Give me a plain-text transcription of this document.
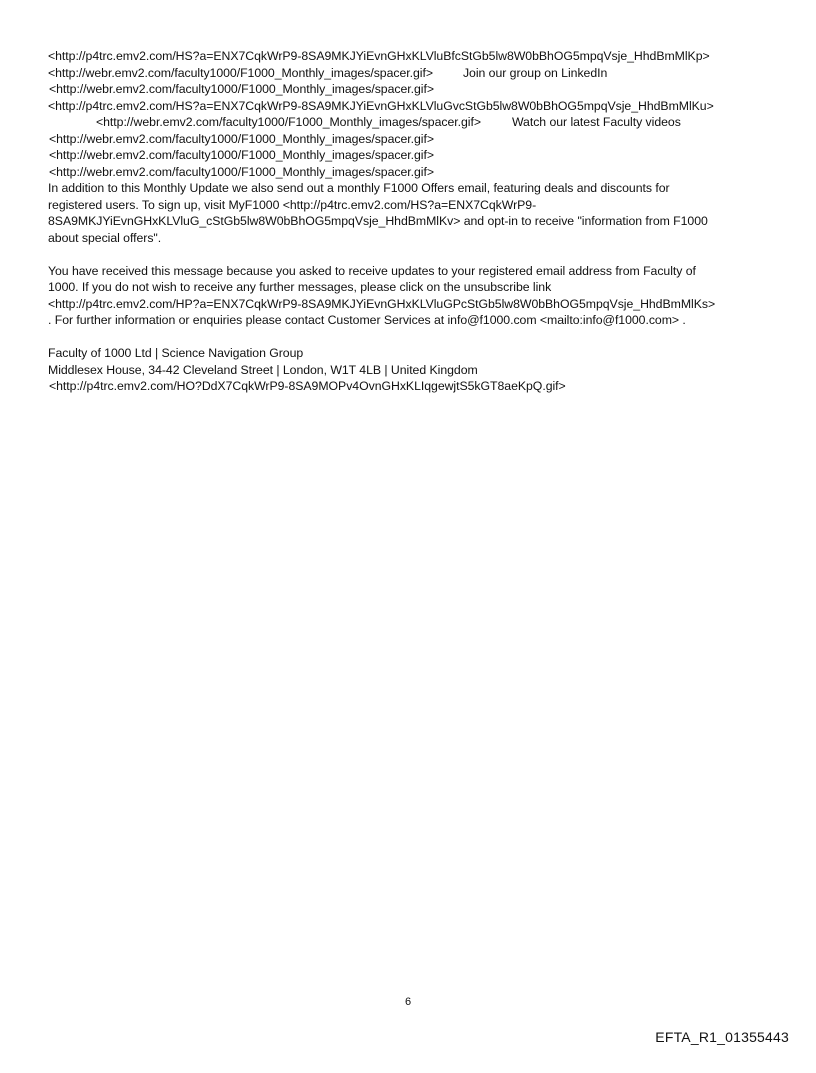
<http://p4trc.emv2.com/HS?a=ENX7CqkWrP9-8SA9MKJYiEvnGHxKLVluBfcStGb5lw8W0bBhOG5mpqVsje_HhdBmMlKp>
<http://webr.emv2.com/faculty1000/F1000_Monthly_images/spacer.gif> Join our group on LinkedIn
<http://webr.emv2.com/faculty1000/F1000_Monthly_images/spacer.gif>
<http://p4trc.emv2.com/HS?a=ENX7CqkWrP9-8SA9MKJYiEvnGHxKLVluGvcStGb5lw8W0bBhOG5mpqVsje_HhdBmMlKu>
<http://webr.emv2.com/faculty1000/F1000_Monthly_images/spacer.gif>	Watch our latest Faculty videos
<http://webr.emv2.com/faculty1000/F1000_Monthly_images/spacer.gif>
<http://webr.emv2.com/faculty1000/F1000_Monthly_images/spacer.gif>
<http://webr.emv2.com/faculty1000/F1000_Monthly_images/spacer.gif>
In addition to this Monthly Update we also send out a monthly F1000 Offers email, featuring deals and discounts for
registered users. To sign up, visit MyF1000 <http://p4trc.emv2.com/HS?a=ENX7CqkWrP9-
8SA9MKJYiEvnGHxKLVluG_cStGb5lw8W0bBhOG5mpqVsje_HhdBmMlKv> and opt-in to receive "information from F1000
about special offers".
You have received this message because you asked to receive updates to your registered email address from Faculty of
1000. If you do not wish to receive any further messages, please click on the unsubscribe link
<http://p4trc.emv2.com/HP?a=ENX7CqkWrP9-8SA9MKJYiEvnGHxKLVluGPcStGb5lw8W0bBhOG5mpqVsje_HhdBmMlKs>
. For further information or enquiries please contact Customer Services at info@f1000.com <mailto:info@f1000.com> .
Faculty of 1000 Ltd | Science Navigation Group
Middlesex House, 34-42 Cleveland Street | London, W1T 4LB | United Kingdom
<http://p4trc.emv2.com/HO?DdX7CqkWrP9-8SA9MOPv4OvnGHxKLIqgewjtS5kGT8aeKpQ.gif>
6
EFTA_R1_01355443
